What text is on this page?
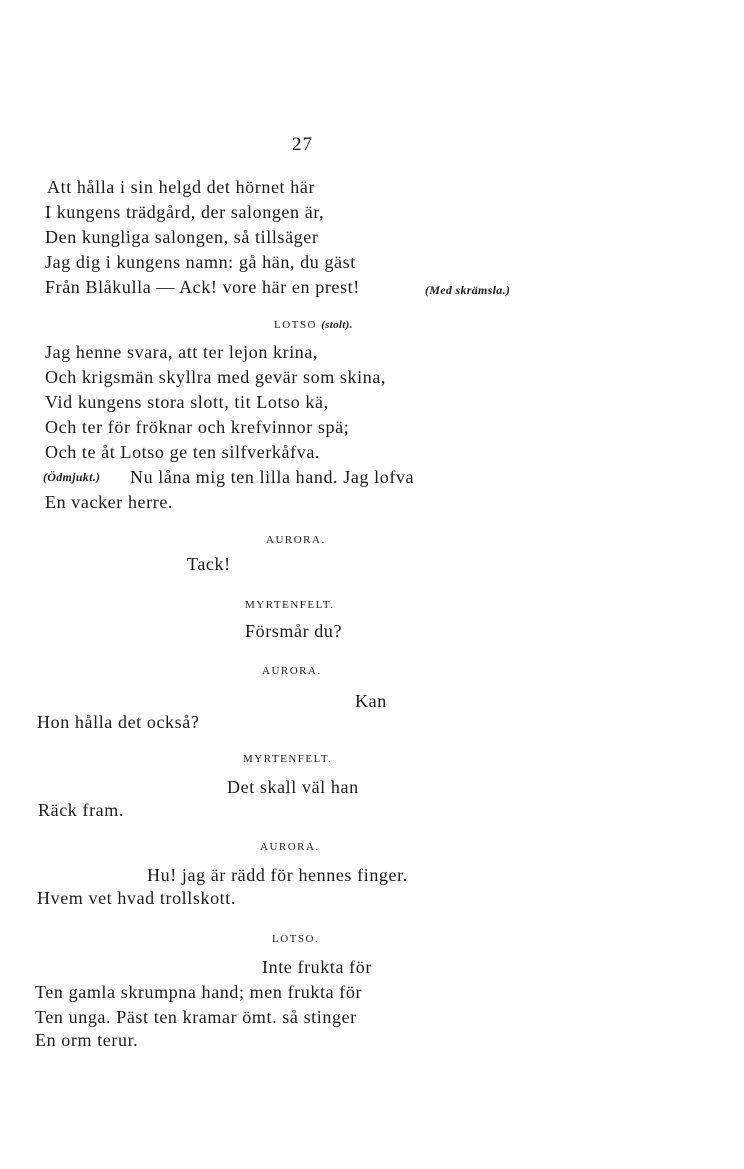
27
Att hålla i sin helgd det hörnet här
I kungens trädgård, der salongen är,
Den kungliga salongen, så tillsäger
Jag dig i kungens namn: gå hän, du gäst
Från Blåkulla — Ack! vore här en prest!	(Med skrämsla.)
LOTSO (stolt).
Jag henne svara, att ter lejon krina,
Och krigsmän skyllra med gevär som skina,
Vid kungens stora slott, tit Lotso kä,
Och ter för fröknar och krefvinnor spä;
Och te åt Lotso ge ten silfverkåfva.
(Ödmjukt.) Nu låna mig ten lilla hand. Jag lofva
En vacker herre.
AURORA.
Tack!
MYRTENFELT.
Försmår du?
AURORA.
Kan
Hon hålla det också?
MYRTENFELT.
Det skall väl han
Räck fram.
AURORA.
Hu! jag är rädd för hennes finger.
Hvem vet hvad trollskott.
LOTSO.
Inte frukta för
Ten gamla skrumpna hand; men frukta för
Ten unga. Päst ten kramar ömt. så stinger
En orm terur.
